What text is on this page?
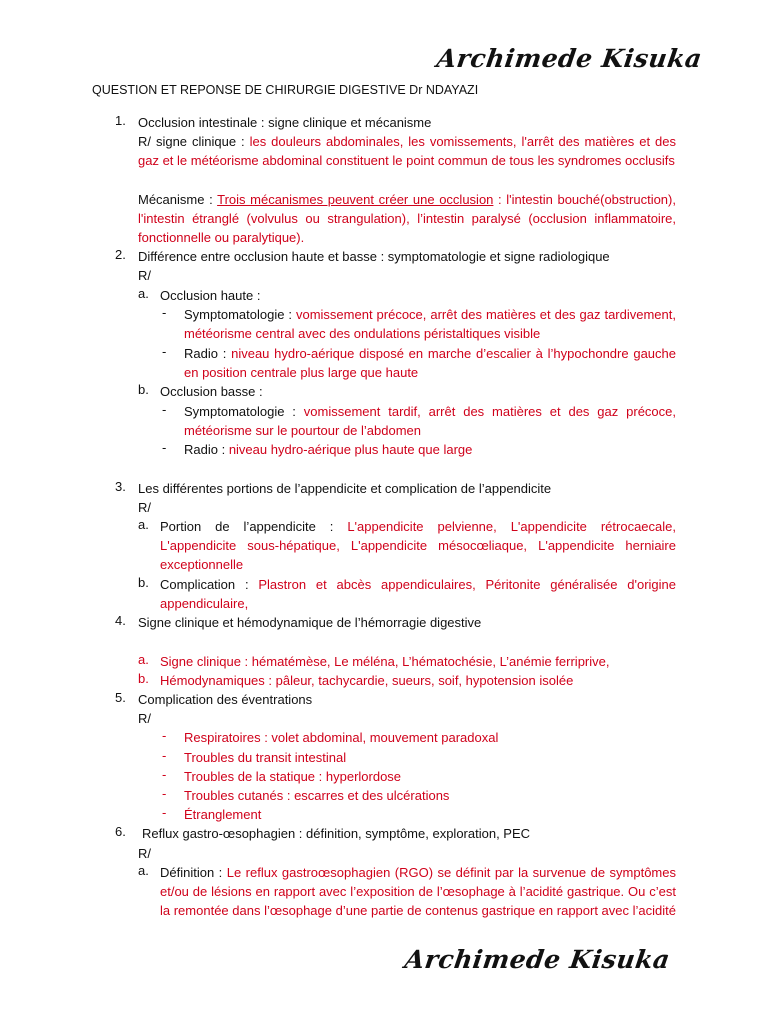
Archimede Kisuka
QUESTION ET REPONSE DE CHIRURGIE DIGESTIVE Dr NDAYAZI
1. Occlusion intestinale : signe clinique et mécanisme
R/ signe clinique : les douleurs abdominales, les vomissements, l'arrêt des matières et des gaz et le météorisme abdominal constituent le point commun de tous les syndromes occlusifs
Mécanisme : Trois mécanismes peuvent créer une occlusion : l'intestin bouché(obstruction), l'intestin étranglé (volvulus ou strangulation), l’intestin paralysé (occlusion inflammatoire, fonctionnelle ou paralytique).
2. Différence entre occlusion haute et basse : symptomatologie et signe radiologique
R/
a. Occlusion haute :
- Symptomatologie : vomissement précoce, arrêt des matières et des gaz tardivement, météorisme central avec des ondulations péristaltiques visible
- Radio : niveau hydro-aérique disposé en marche d’escalier à l’hypochondre gauche en position centrale plus large que haute
b. Occlusion basse :
- Symptomatologie : vomissement tardif, arrêt des matières et des gaz précoce, météorisme sur le pourtour de l’abdomen
- Radio : niveau hydro-aérique plus haute que large
3. Les différentes portions de l’appendicite et complication de l’appendicite
R/
a. Portion de l’appendicite : L'appendicite pelvienne, L'appendicite rétrocaecale, L'appendicite sous-hépatique, L'appendicite mésocœliaque, L'appendicite herniaire exceptionnelle
b. Complication : Plastron et abcès appendiculaires, Péritonite généralisée d'origine appendiculaire,
4. Signe clinique et hémodynamique de l’hémorragie digestive
a. Signe clinique : hématémèse, Le méléna, L’hématochésie, L’anémie ferriprive,
b. Hémodynamiques : pâleur, tachycardie, sueurs, soif, hypotension isolée
5. Complication des éventrations
R/
- Respiratoires : volet abdominal, mouvement paradoxal
- Troubles du transit intestinal
- Troubles de la statique : hyperlordose
- Troubles cutanés : escarres et des ulcérations
- Étranglement
6. Reflux gastro-œsophagien : définition, symptôme, exploration, PEC
R/
a. Définition : Le reflux gastroœsophagien (RGO) se définit par la survenue de symptômes et/ou de lésions en rapport avec l’exposition de l’œsophage à l’acidité gastrique. Ou c’est la remontée dans l’œsophage d’une partie de contenus gastrique en rapport avec l’acidité
Archimede Kisuka
